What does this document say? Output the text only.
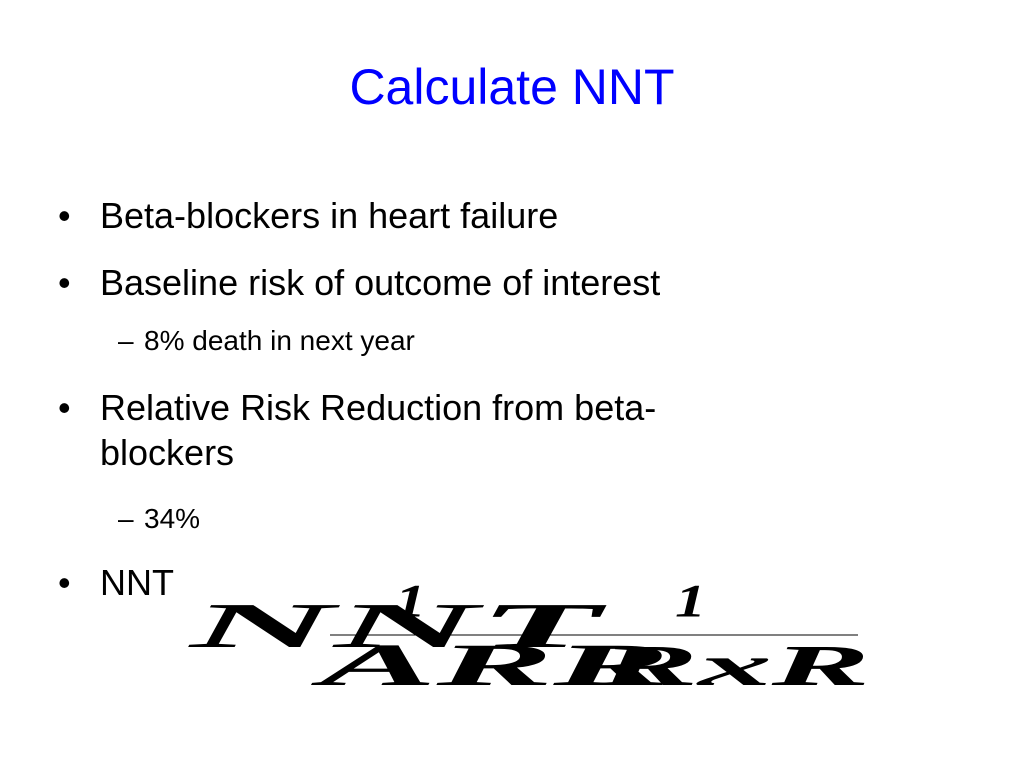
Calculate NNT
• Beta-blockers in heart failure
• Baseline risk of outcome of interest
– 8% death in next year
• Relative Risk Reduction from beta-
blockers
– 34%
• NNT	1	1
NNT
ARR
RxR
